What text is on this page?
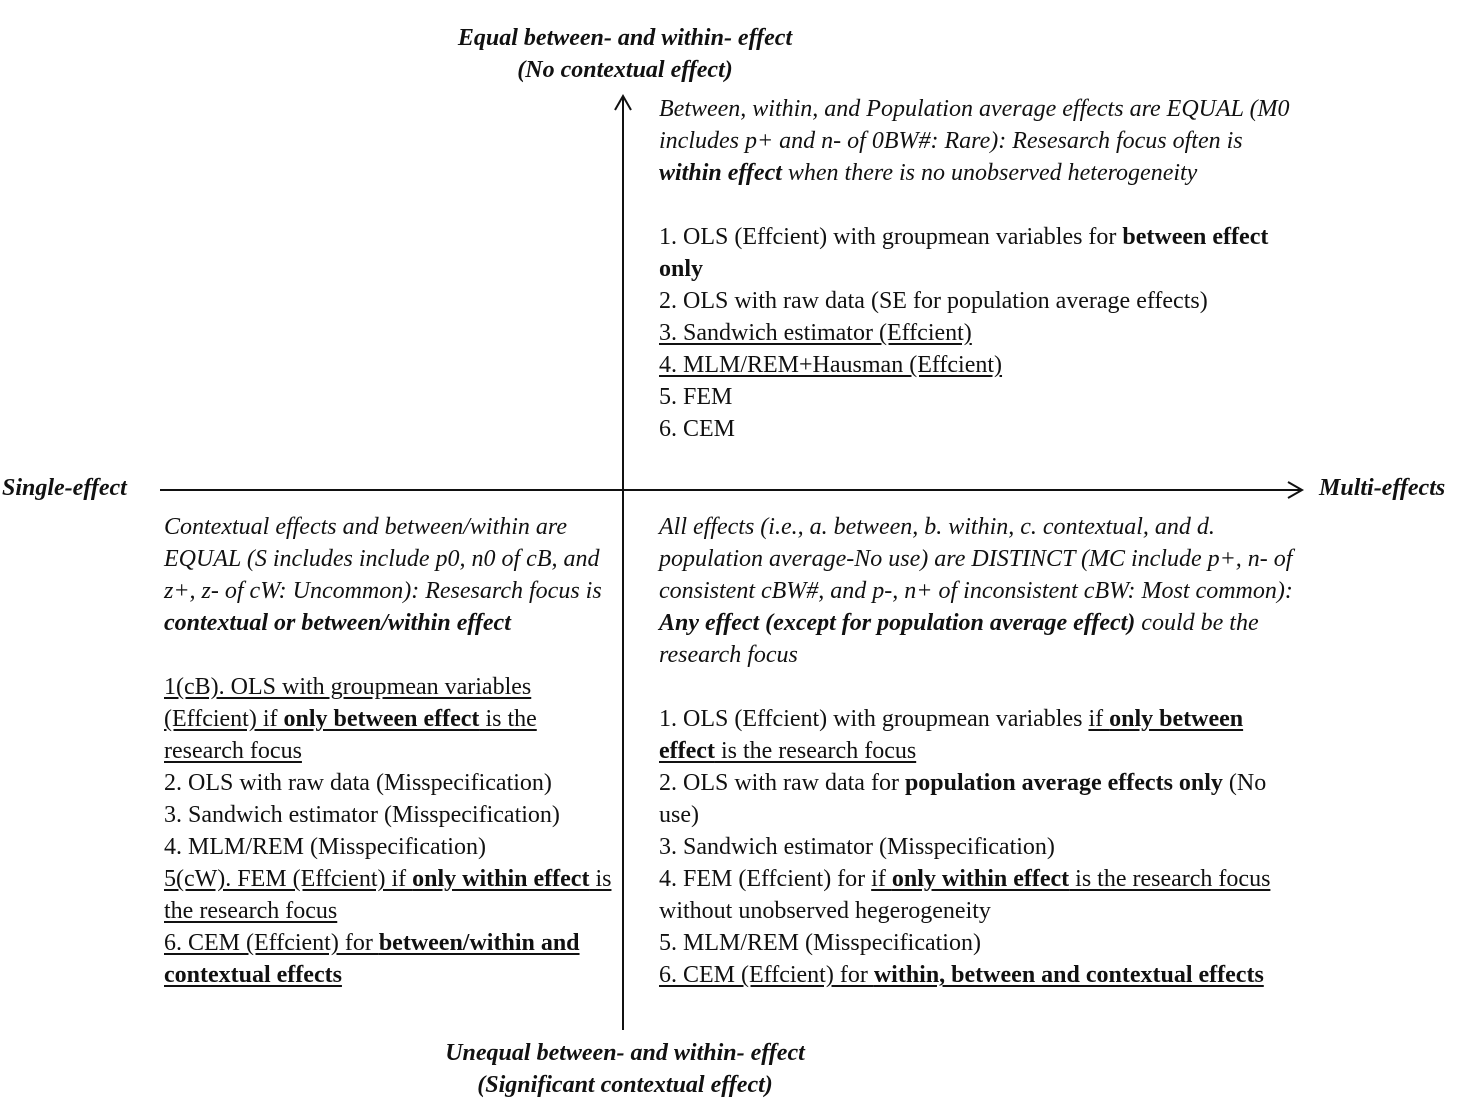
Equal between- and within- effect
(No contextual effect)
Unequal between- and within- effect
(Significant contextual effect)
Single-effect	Multi-effects

Between, within, and Population average effects are EQUAL (M0 includes p+ and n- of 0BW#: Rare): Resesarch focus often is within effect when there is no unobserved heterogeneity

1. OLS (Effcient) with groupmean variables for between effect only

2. OLS with raw data (SE for population average effects)

3. Sandwich estimator (Effcient)

4. MLM/REM+Hausman (Effcient)

5. FEM

6. CEM

Contextual effects and between/within are EQUAL (S includes include p0, n0 of cB, and z+, z- of cW: Uncommon): Resesarch focus is contextual or between/within effect

1(cB). OLS with groupmean variables (Effcient) if only between effect is the research focus

2. OLS with raw data (Misspecification)

3. Sandwich estimator (Misspecification)

4. MLM/REM (Misspecification)

5(cW). FEM (Effcient) if only within effect is the research focus

6. CEM (Effcient) for between/within and contextual effects

All effects (i.e., a. between, b. within, c. contextual, and d. population average-No use) are DISTINCT (MC include p+, n- of consistent cBW#, and p-, n+ of inconsistent cBW: Most common): Any effect (except for population average effect) could be the research focus

1. OLS (Effcient) with groupmean variables if only between effect is the research focus

2. OLS with raw data for population average effects only (No use)

3. Sandwich estimator (Misspecification)

4. FEM (Effcient) for if only within effect is the research focus without unobserved hegerogeneity

5. MLM/REM (Misspecification)

6. CEM (Effcient) for within, between and contextual effects
